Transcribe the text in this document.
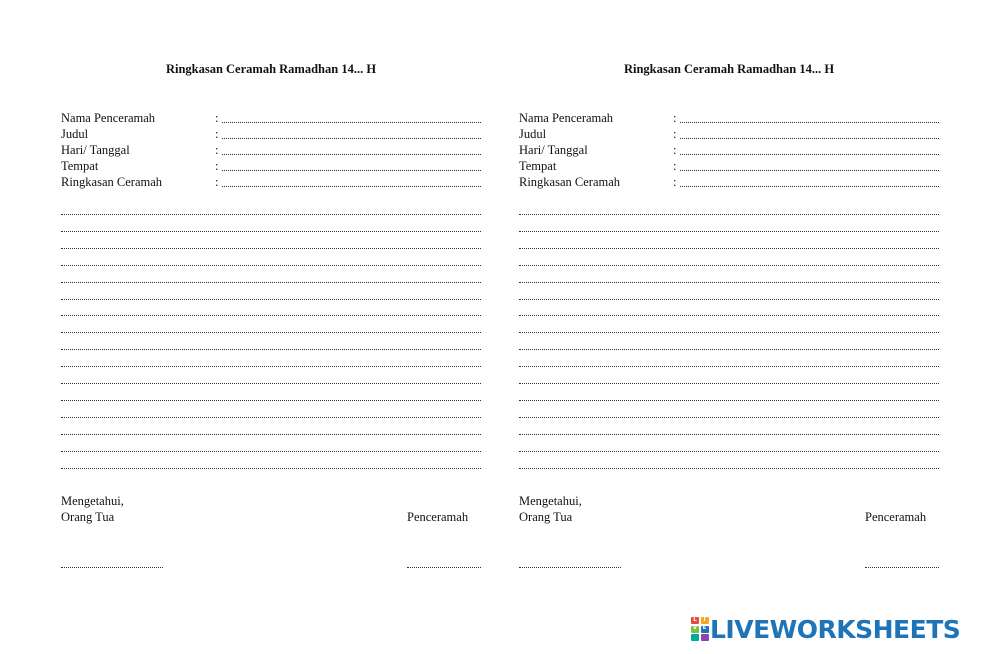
Ringkasan Ceramah Ramadhan 14... H
Nama Penceramah	:
Judul	:
Hari/ Tanggal	:
Tempat	:
Ringkasan Ceramah	:
Mengetahui,
Orang Tua	Penceramah
Ringkasan Ceramah Ramadhan 14... H
Nama Penceramah	:
Judul	:
Hari/ Tanggal	:
Tempat	:
Ringkasan Ceramah	:
Mengetahui,
Orang Tua	Penceramah
L	I
V E LIVEWORKSHEETS
